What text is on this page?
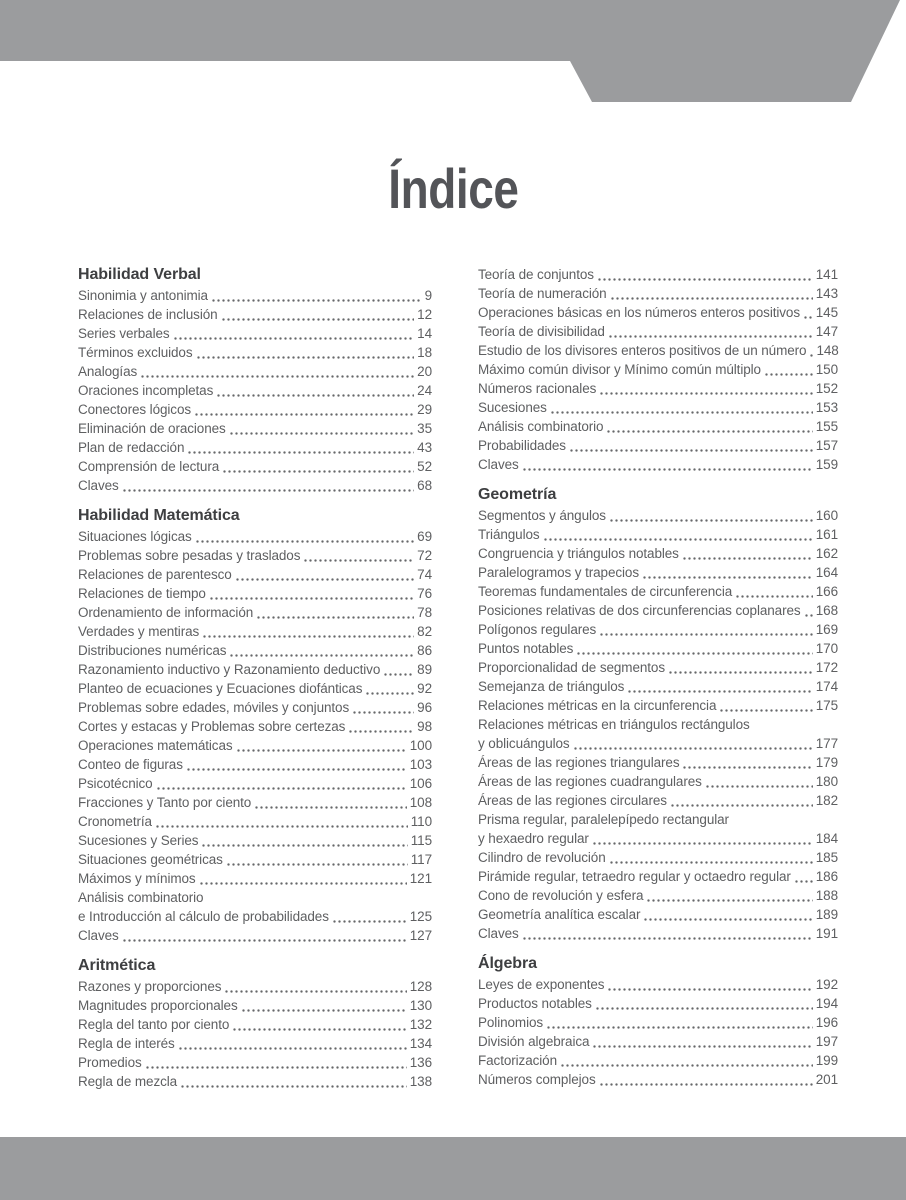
Índice
Habilidad Verbal
Sinonimia y antonimia	9
Relaciones de inclusión	12
Series verbales	14
Términos excluidos	18
Analogías	20
Oraciones incompletas	24
Conectores lógicos	29
Eliminación de oraciones	35
Plan de redacción	43
Comprensión de lectura	52
Claves	68
Habilidad Matemática
Situaciones lógicas	69
Problemas sobre pesadas y traslados	72
Relaciones de parentesco	74
Relaciones de tiempo	76
Ordenamiento de información	78
Verdades y mentiras	82
Distribuciones numéricas	86
Razonamiento inductivo y Razonamiento deductivo	89
Planteo de ecuaciones y Ecuaciones diofánticas	92
Problemas sobre edades, móviles y conjuntos	96
Cortes y estacas y Problemas sobre certezas	98
Operaciones matemáticas	100
Conteo de figuras	103
Psicotécnico	106
Fracciones y Tanto por ciento	108
Cronometría	110
Sucesiones y Series	115
Situaciones geométricas	117
Máximos y mínimos	121
Análisis combinatorio
e Introducción al cálculo de probabilidades	125
Claves	127
Aritmética
Razones y proporciones	128
Magnitudes proporcionales	130
Regla del tanto por ciento	132
Regla de interés	134
Promedios	136
Regla de mezcla	138
Teoría de conjuntos	141
Teoría de numeración	143
Operaciones básicas en los números enteros positivos 145
Teoría de divisibilidad	147
Estudio de los divisores enteros positivos de un número 148
Máximo común divisor y Mínimo común múltiplo	150
Números racionales	152
Sucesiones	153
Análisis combinatorio	155
Probabilidades	157
Claves	159
Geometría
Segmentos y ángulos	160
Triángulos	161
Congruencia y triángulos notables	162
Paralelogramos y trapecios	164
Teoremas fundamentales de circunferencia	166
Posiciones relativas de dos circunferencias coplanares 168
Polígonos regulares	169
Puntos notables	170
Proporcionalidad de segmentos	172
Semejanza de triángulos	174
Relaciones métricas en la circunferencia	175
Relaciones métricas en triángulos rectángulos
y oblicuángulos	177
Áreas de las regiones triangulares	179
Áreas de las regiones cuadrangulares	180
Áreas de las regiones circulares	182
Prisma regular, paralelepípedo rectangular
y hexaedro regular	184
Cilindro de revolución	185
Pirámide regular, tetraedro regular y octaedro regular 186
Cono de revolución y esfera	188
Geometría analítica escalar	189
Claves	191
Álgebra
Leyes de exponentes	192
Productos notables	194
Polinomios	196
División algebraica	197
Factorización	199
Números complejos	201
